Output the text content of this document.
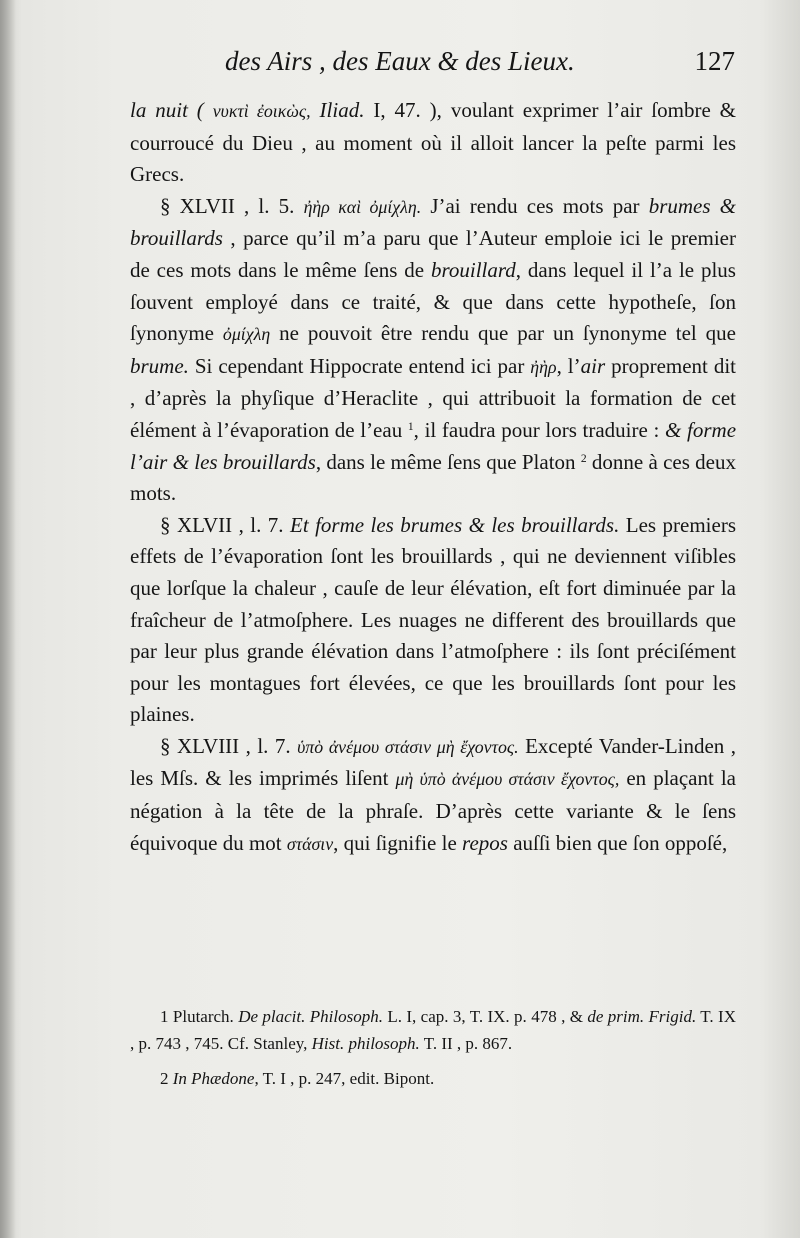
des Airs , des Eaux & des Lieux.	127

la nuit ( νυκτὶ ἐοικὼς, Iliad. I, 47. ), voulant exprimer l’air ſombre & courroucé du Dieu , au moment où il alloit lancer la peſte parmi les Grecs.

§ XLVII , l. 5. ἠὴρ καὶ ὀμίχλη. J’ai rendu ces mots par brumes & brouillards , parce qu’il m’a paru que l’Auteur emploie ici le premier de ces mots dans le même ſens de brouillard, dans lequel il l’a le plus ſouvent employé dans ce traité, & que dans cette hypotheſe, ſon ſynonyme ὀμίχλη ne pouvoit être rendu que par un ſynonyme tel que brume. Si cependant Hippocrate entend ici par ἠὴρ, l’air proprement dit , d’après la phyſique d’Heraclite , qui attribuoit la formation de cet élément à l’évaporation de l’eau $^1$, il faudra pour lors traduire : & forme l’air & les brouillards, dans le même ſens que Platon $^2$ donne à ces deux mots.

§ XLVII , l. 7. Et forme les brumes & les brouillards. Les premiers effets de l’évaporation ſont les brouillards , qui ne deviennent viſibles que lorſque la chaleur , cauſe de leur élévation, eſt fort diminuée par la fraîcheur de l’atmoſphere. Les nuages ne different des brouillards que par leur plus grande élévation dans l’atmoſphere : ils ſont préciſément pour les montagues fort élevées, ce que les brouillards ſont pour les plaines.

§ XLVIII , l. 7. ὑπὸ ἀνέμου στάσιν μὴ ἔχοντος. Excepté Vander-Linden , les Mſs. & les imprimés liſent μὴ ὑπὸ ἀνέμου στάσιν ἔχοντος, en plaçant la négation à la tête de la phraſe. D’après cette variante & le ſens équivoque du mot στάσιν, qui ſignifie le repos auſſi bien que ſon oppoſé,

1 Plutarch. De placit. Philosoph. L. I, cap. 3, T. IX. p. 478 , & de prim. Frigid. T. IX , p. 743 , 745. Cf. Stanley, Hist. philosoph. T. II , p. 867.

2 In Phædone, T. I , p. 247, edit. Bipont.
